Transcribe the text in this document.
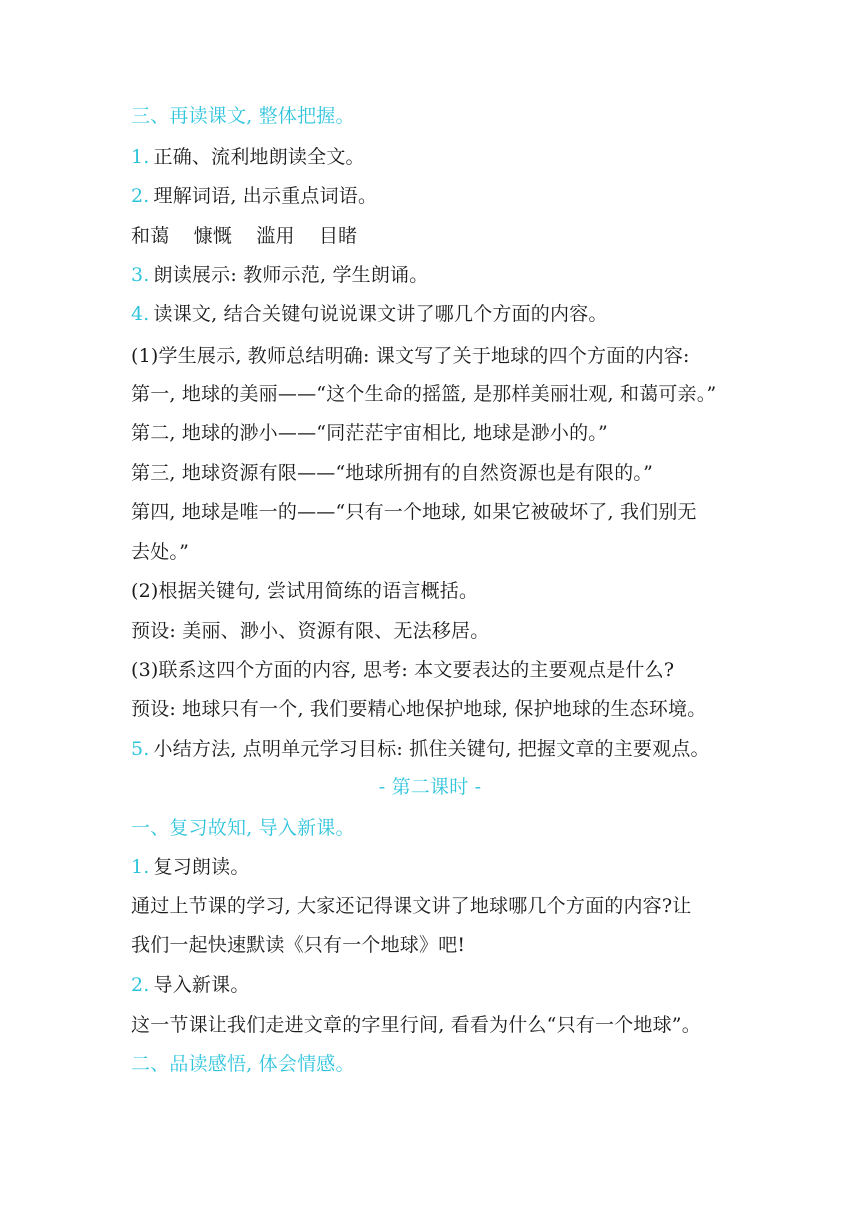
三、再读课文, 整体把握。
1. 正确、流利地朗读全文。
2. 理解词语, 出示重点词语。
和蔼 慷慨 滥用 目睹
3. 朗读展示: 教师示范, 学生朗诵。
4. 读课文, 结合关键句说说课文讲了哪几个方面的内容。
(1)学生展示, 教师总结明确: 课文写了关于地球的四个方面的内容:
第一, 地球的美丽——“这个生命的摇篮, 是那样美丽壮观, 和蔼可亲。”
第二, 地球的渺小——“同茫茫宇宙相比, 地球是渺小的。”
第三, 地球资源有限——“地球所拥有的自然资源也是有限的。”
第四, 地球是唯一的——“只有一个地球, 如果它被破坏了, 我们别无
去处。”
(2)根据关键句, 尝试用简练的语言概括。
预设: 美丽、渺小、资源有限、无法移居。
(3)联系这四个方面的内容, 思考: 本文要表达的主要观点是什么?
预设: 地球只有一个, 我们要精心地保护地球, 保护地球的生态环境。
5. 小结方法, 点明单元学习目标: 抓住关键句, 把握文章的主要观点。
- 第二课时 -
一、复习故知, 导入新课。
1. 复习朗读。
通过上节课的学习, 大家还记得课文讲了地球哪几个方面的内容?让
我们一起快速默读《只有一个地球》吧!
2. 导入新课。
这一节课让我们走进文章的字里行间, 看看为什么“只有一个地球”。
二、品读感悟, 体会情感。
